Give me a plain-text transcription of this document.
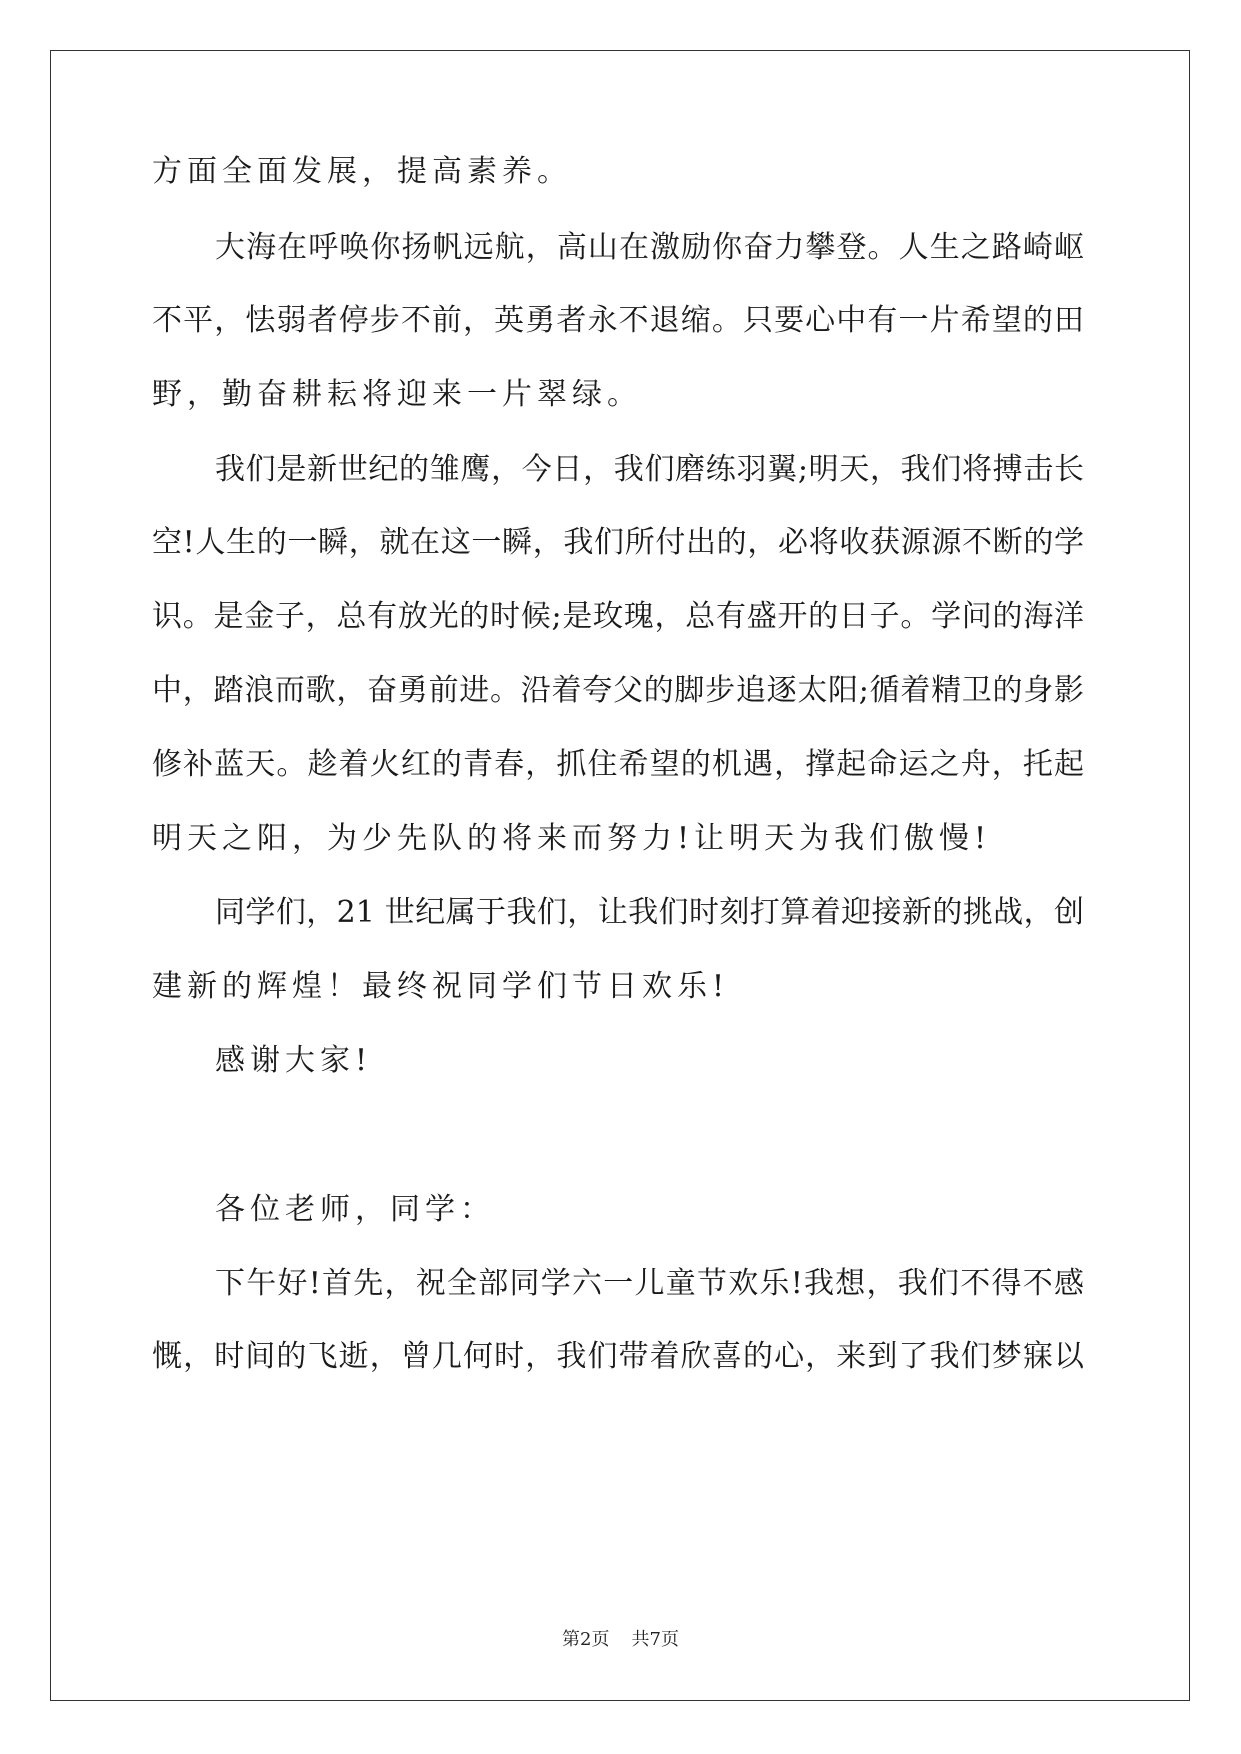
方面全面发展，提高素养。
大海在呼唤你扬帆远航，高山在激励你奋力攀登。人生之路崎岖
不平，怯弱者停步不前，英勇者永不退缩。只要心中有一片希望的田
野，勤奋耕耘将迎来一片翠绿。
我们是新世纪的雏鹰，今日，我们磨练羽翼;明天，我们将搏击长
空!人生的一瞬，就在这一瞬，我们所付出的，必将收获源源不断的学
识。是金子，总有放光的时候;是玫瑰，总有盛开的日子。学问的海洋
中，踏浪而歌，奋勇前进。沿着夸父的脚步追逐太阳;循着精卫的身影
修补蓝天。趁着火红的青春，抓住希望的机遇，撑起命运之舟，托起
明天之阳，为少先队的将来而努力!让明天为我们傲慢!
同学们，21 世纪属于我们，让我们时刻打算着迎接新的挑战，创
建新的辉煌！最终祝同学们节日欢乐!
感谢大家!
各位老师，同学：
下午好!首先，祝全部同学六一儿童节欢乐!我想，我们不得不感
慨，时间的飞逝，曾几何时，我们带着欣喜的心，来到了我们梦寐以
第2页 共7页
